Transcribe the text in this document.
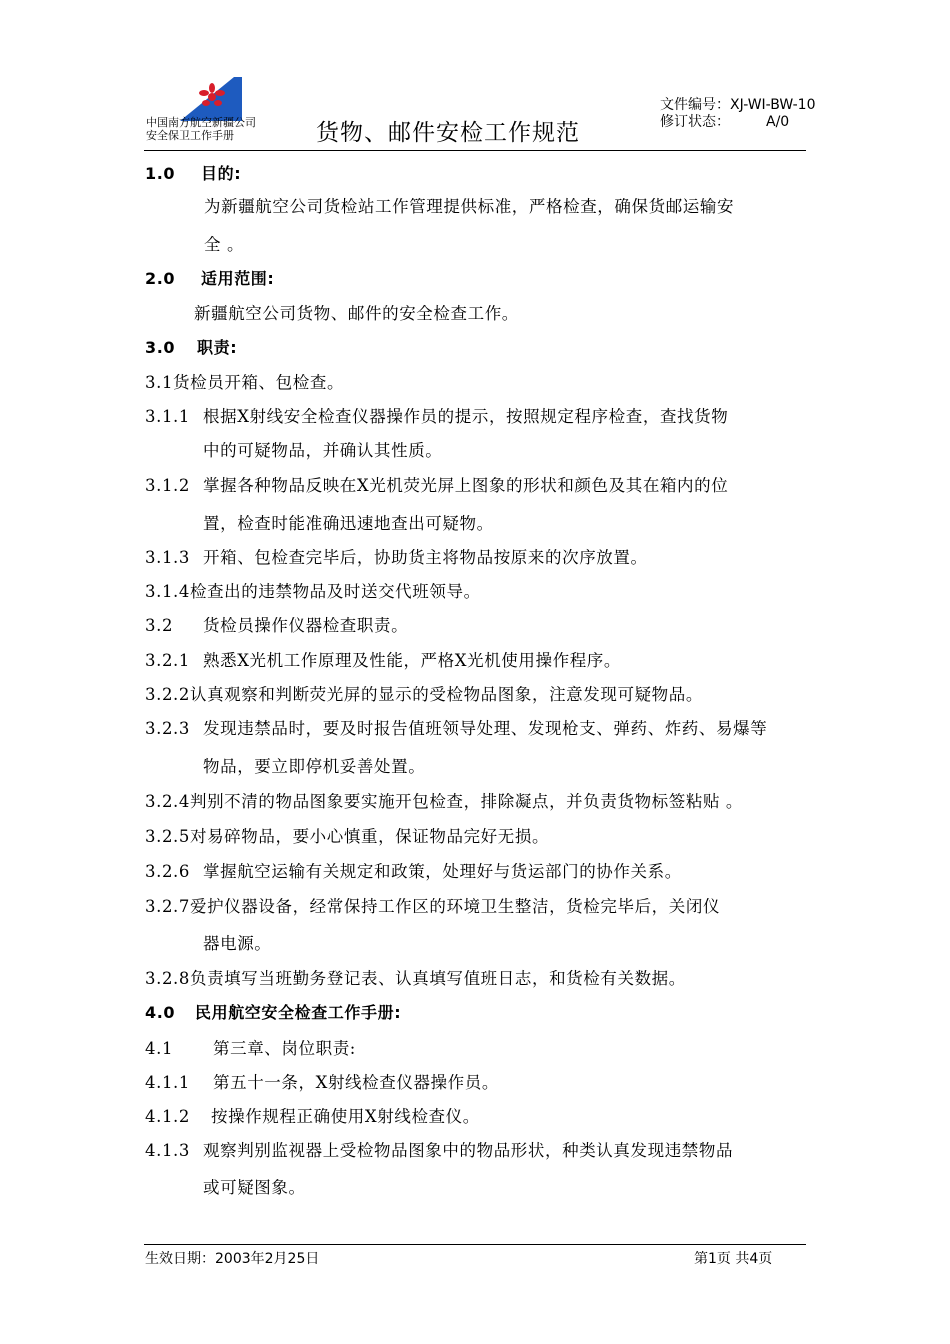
中国南方航空新疆公司
安全保卫工作手册	货物、邮件安检工作规范
文件编号：XJ-WI-BW-10
修订状态：	A/0
1.0 目的:
为新疆航空公司货检站工作管理提供标准，严格检查，确保货邮运输安
全 。
2.0 适用范围:
新疆航空公司货物、邮件的安全检查工作。
3.0 职责:
3.1货检员开箱、包检查。
3.1.1 根据X射线安全检查仪器操作员的提示，按照规定程序检查，查找货物
中的可疑物品，并确认其性质。
3.1.2 掌握各种物品反映在X光机荧光屏上图象的形状和颜色及其在箱内的位
置，检查时能准确迅速地查出可疑物。
3.1.3 开箱、包检查完毕后，协助货主将物品按原来的次序放置。
3.1.4检查出的违禁物品及时送交代班领导。
3.2 货检员操作仪器检查职责。
3.2.1 熟悉X光机工作原理及性能，严格X光机使用操作程序。
3.2.2认真观察和判断荧光屏的显示的受检物品图象，注意发现可疑物品。
3.2.3 发现违禁品时，要及时报告值班领导处理、发现枪支、弹药、炸药、易爆等
物品，要立即停机妥善处置。
3.2.4判别不清的物品图象要实施开包检查，排除凝点，并负责货物标签粘贴 。
3.2.5对易碎物品，要小心慎重，保证物品完好无损。
3.2.6 掌握航空运输有关规定和政策，处理好与货运部门的协作关系。
3.2.7爱护仪器设备，经常保持工作区的环境卫生整洁，货检完毕后，关闭仪
器电源。
3.2.8负责填写当班勤务登记表、认真填写值班日志，和货检有关数据。
4.0 民用航空安全检查工作手册:
4.1 第三章、岗位职责:
4.1.1 第五十一条，X射线检查仪器操作员。
4.1.2 按操作规程正确使用X射线检查仪。
4.1.3 观察判别监视器上受检物品图象中的物品形状，种类认真发现违禁物品
或可疑图象。
生效日期：2003年2月25日	第1页 共4页
